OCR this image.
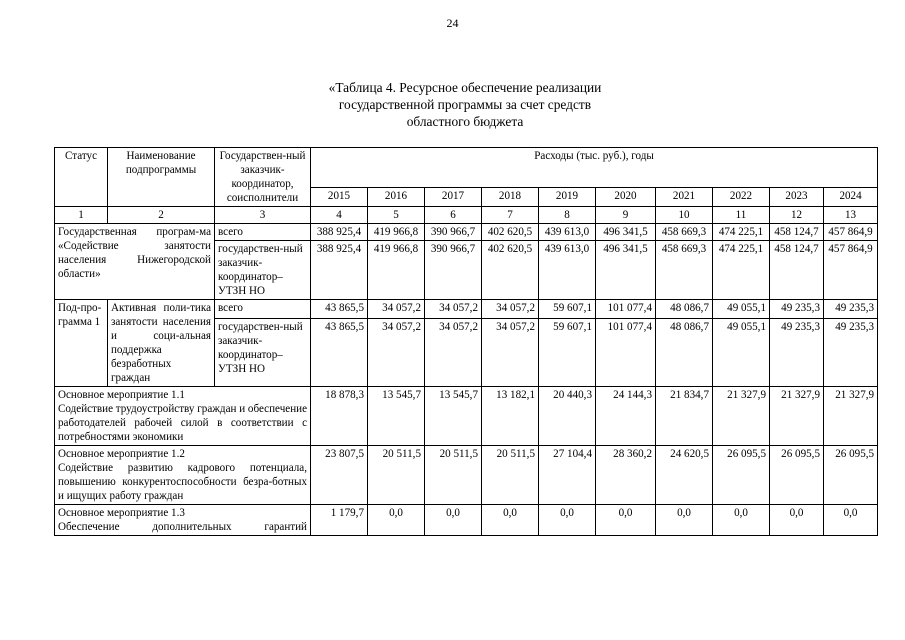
24
«Таблица 4. Ресурсное обеспечение реализации
государственной программы за счет средств
областного бюджета
Статус	Наименование подпрограммы	Государствен-ный заказчик-координатор, соисполнители	Расходы (тыс. руб.), годы									
			2015	2016	2017	2018	2019	2020	2021	2022	2023	2024
1	2	3	4	5	6	7	8	9	10	11	12	13
Государственная програм-ма «Содействие занятости населения Нижегородской области»		всего	388 925,4	419 966,8	390 966,7	402 620,5	439 613,0	496 341,5	458 669,3	474 225,1	458 124,7	457 864,9
		государствен-ный заказчик-координатор–УТЗН НО	388 925,4	419 966,8	390 966,7	402 620,5	439 613,0	496 341,5	458 669,3	474 225,1	458 124,7	457 864,9
Под-про-грамма 1	Активная поли-тика занятости населения и соци-альная поддержка безработных граждан	всего	43 865,5	34 057,2	34 057,2	34 057,2	59 607,1	101 077,4	48 086,7	49 055,1	49 235,3	49 235,3
		государствен-ный заказчик-координатор–УТЗН НО	43 865,5	34 057,2	34 057,2	34 057,2	59 607,1	101 077,4	48 086,7	49 055,1	49 235,3	49 235,3

Основное мероприятие 1.1
Содействие трудоустройству граждан и обеспечение работодателей рабочей силой в соответствии с потребностями экономики			18 878,3	13 545,7	13 545,7	13 182,1	20 440,3	24 144,3	21 834,7	21 327,9	21 327,9	21 327,9

Основное мероприятие 1.2
Содействие развитию кадрового потенциала, повышению конкурентоспособности безра-ботных и ищущих работу граждан			23 807,5	20 511,5	20 511,5	20 511,5	27 104,4	28 360,2	24 620,5	26 095,5	26 095,5	26 095,5

Основное мероприятие 1.3
Обеспечение дополнительных гарантий			1 179,7	0,0	0,0	0,0	0,0	0,0	0,0	0,0	0,0	0,0
